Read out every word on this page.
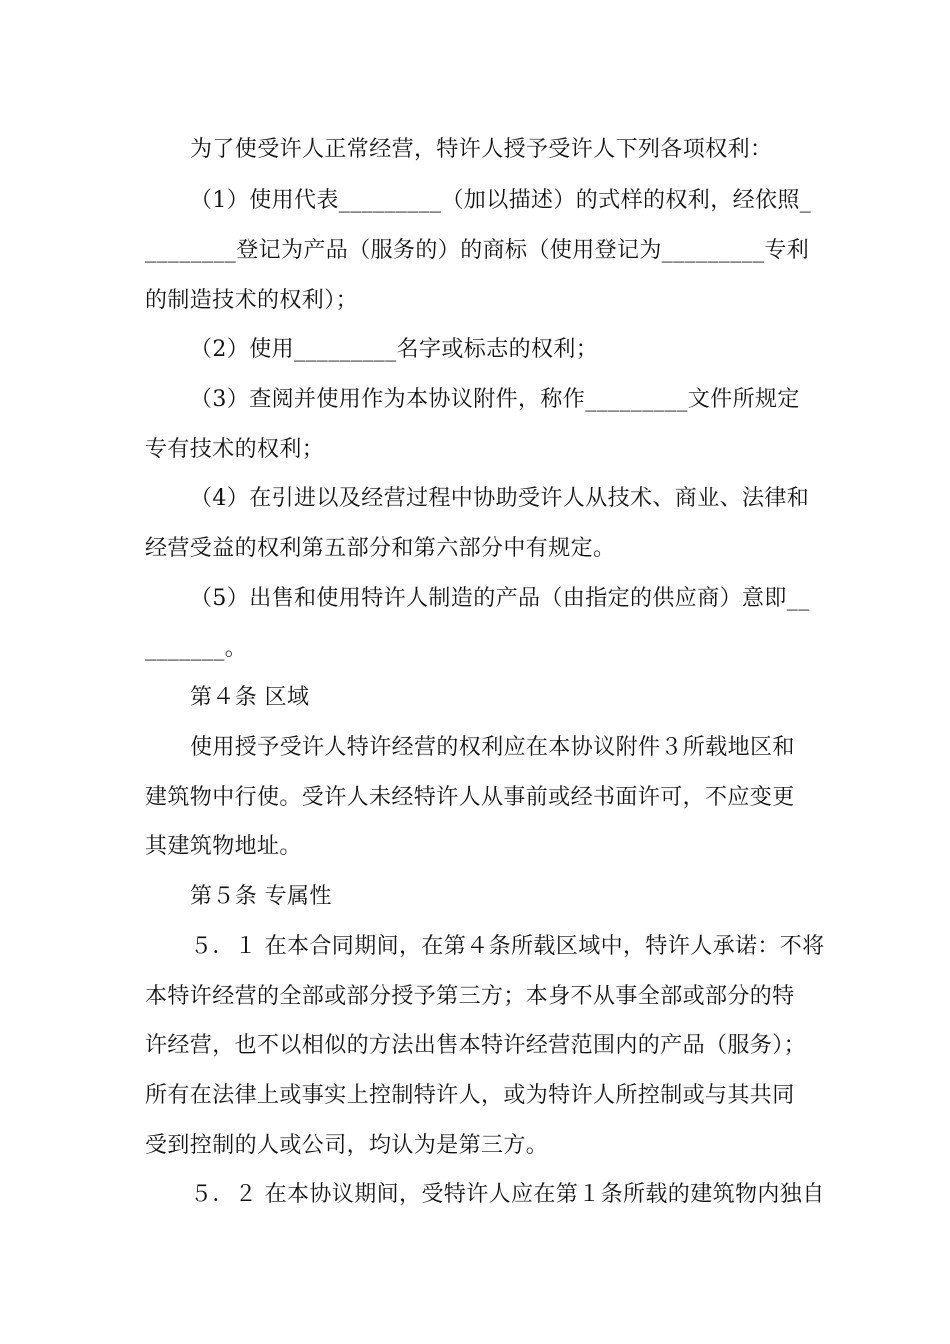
为了使受许人正常经营，特许人授予受许人下列各项权利：
（1）使用代表_________（加以描述）的式样的权利，经依照_
________登记为产品（服务的）的商标（使用登记为_________专利
的制造技术的权利）；
（2）使用_________名字或标志的权利；
（3）查阅并使用作为本协议附件，称作_________文件所规定
专有技术的权利；
（4）在引进以及经营过程中协助受许人从技术、商业、法律和
经营受益的权利第五部分和第六部分中有规定。
（5）出售和使用特许人制造的产品（由指定的供应商）意即__
_______。
第４条 区域
使用授予受许人特许经营的权利应在本协议附件３所载地区和
建筑物中行使。受许人未经特许人从事前或经书面许可，不应变更
其建筑物地址。
第５条 专属性
５．１ 在本合同期间，在第４条所载区域中，特许人承诺：不将
本特许经营的全部或部分授予第三方；本身不从事全部或部分的特
许经营，也不以相似的方法出售本特许经营范围内的产品（服务）；
所有在法律上或事实上控制特许人，或为特许人所控制或与其共同
受到控制的人或公司，均认为是第三方。
５．２ 在本协议期间，受特许人应在第１条所载的建筑物内独自
